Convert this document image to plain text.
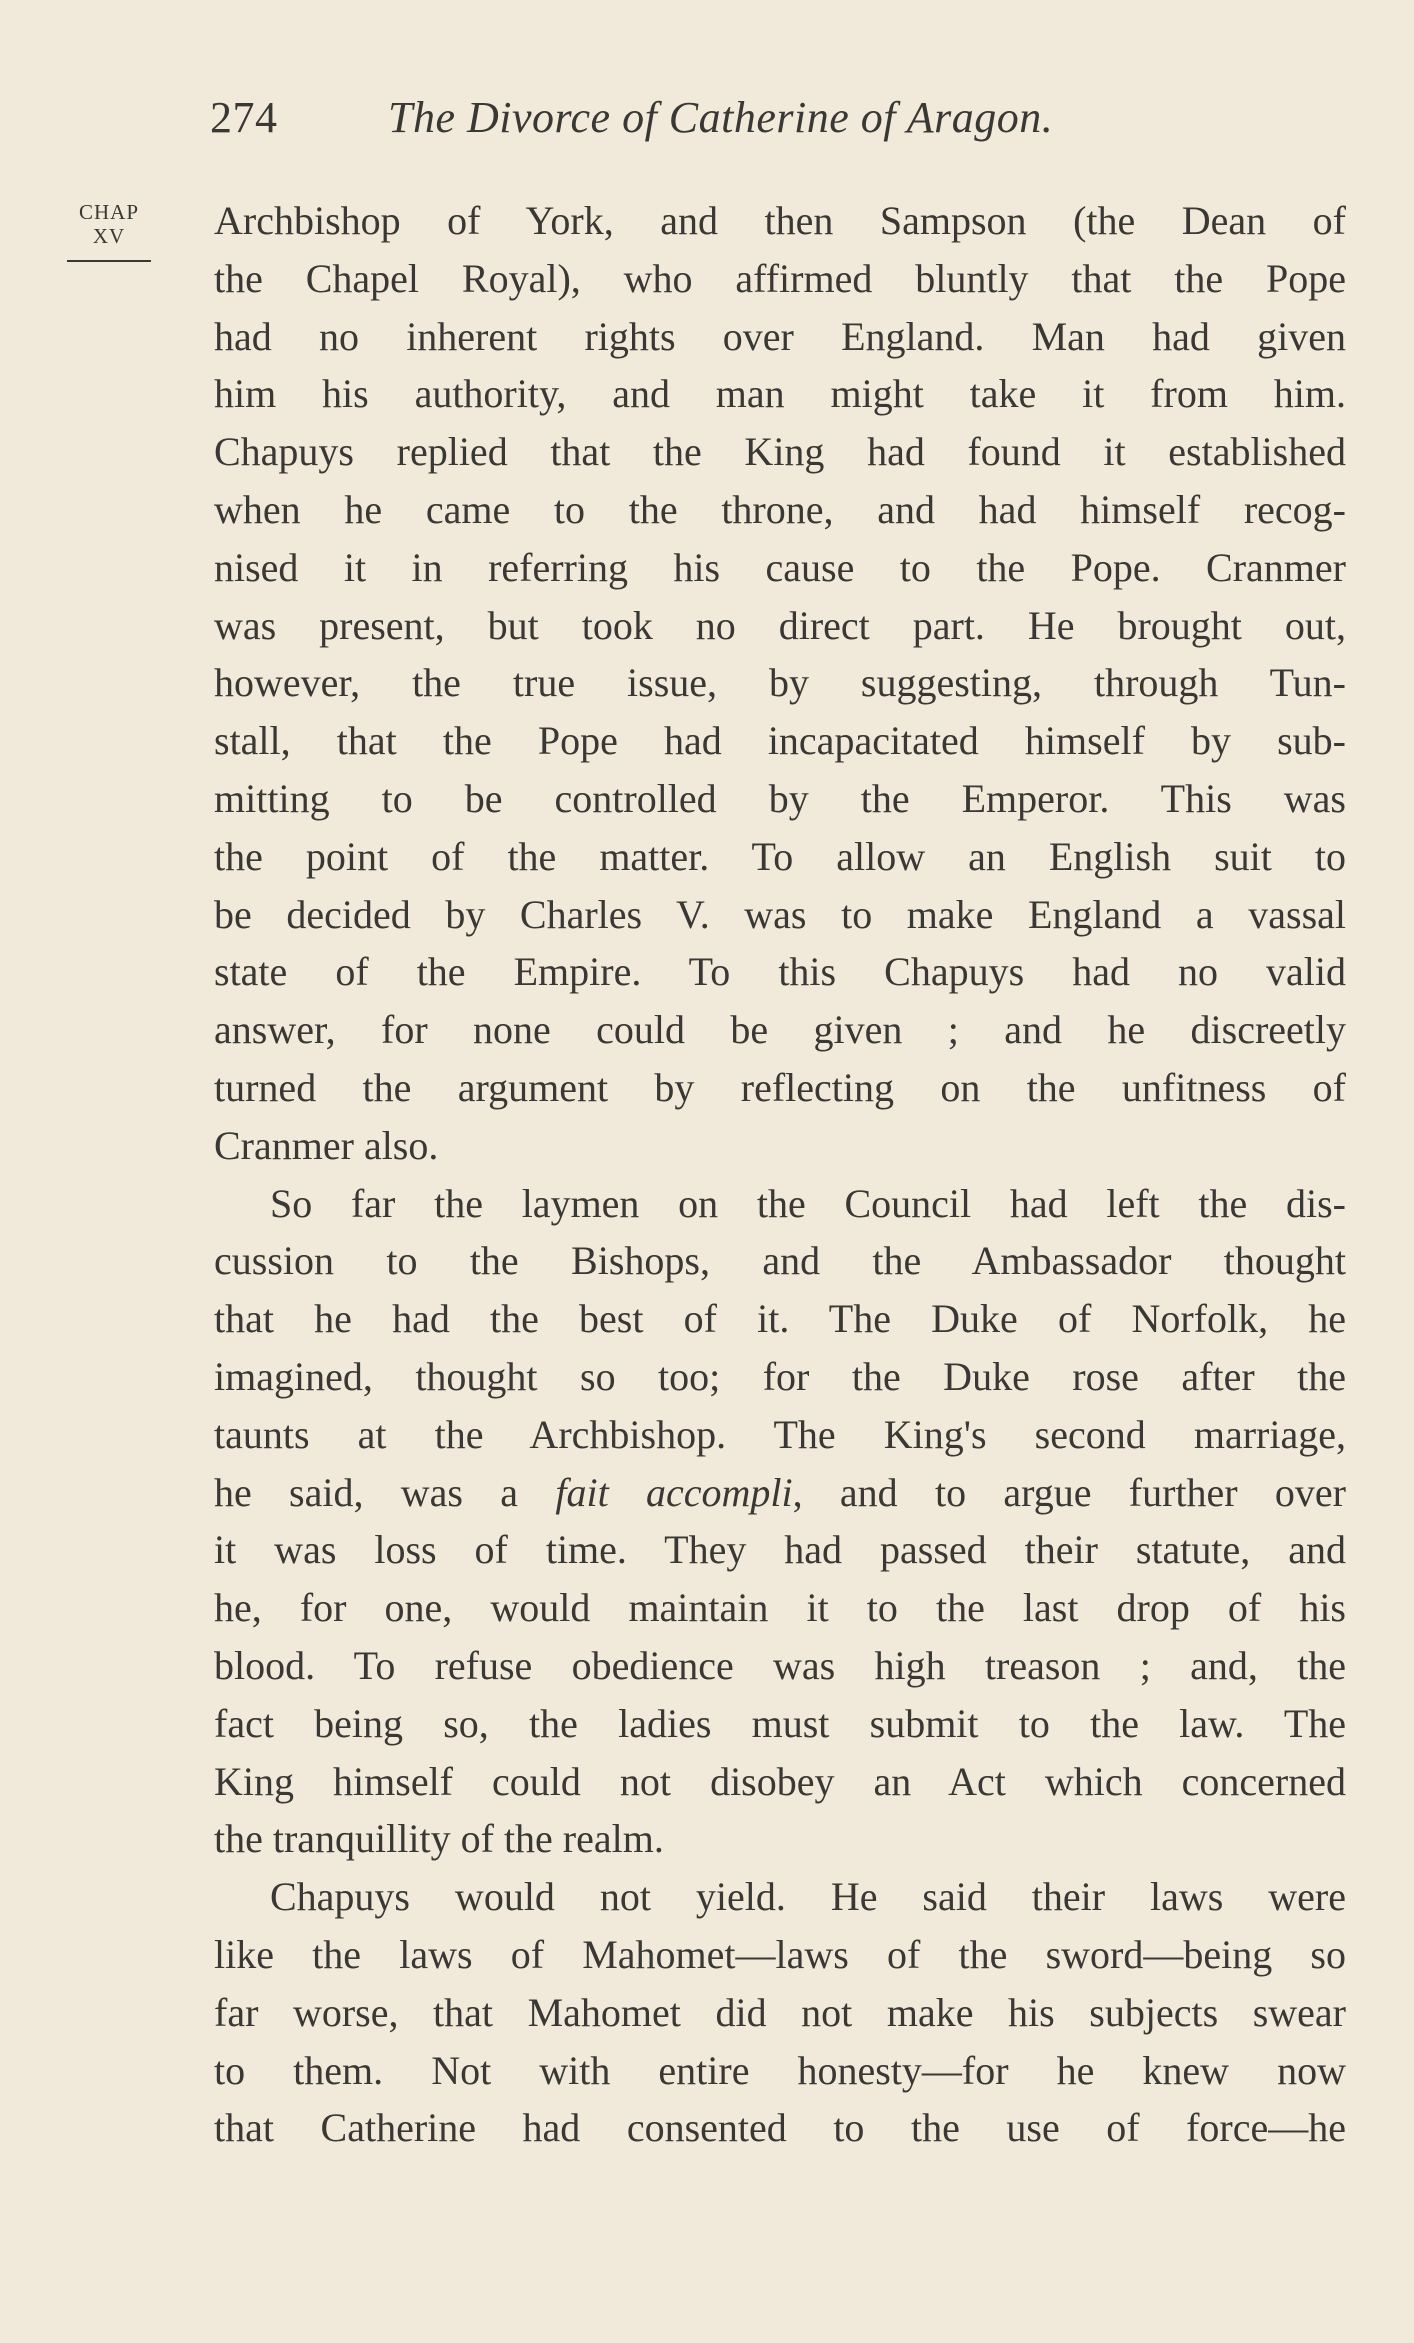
274	The Divorce of Catherine of Aragon.
CHAP
XV	Archbishop of York, and then Sampson (the Dean of
the Chapel Royal), who affirmed bluntly that the Pope
had no inherent rights over England. Man had given
him his authority, and man might take it from him.
Chapuys replied that the King had found it established
when he came to the throne, and had himself recog-
nised it in referring his cause to the Pope. Cranmer
was present, but took no direct part. He brought out,
however, the true issue, by suggesting, through Tun-
stall, that the Pope had incapacitated himself by sub-
mitting to be controlled by the Emperor. This was
the point of the matter. To allow an English suit to
be decided by Charles V. was to make England a vassal
state of the Empire. To this Chapuys had no valid
answer, for none could be given ; and he discreetly
turned the argument by reflecting on the unfitness of
Cranmer also.
So far the laymen on the Council had left the dis-
cussion to the Bishops, and the Ambassador thought
that he had the best of it. The Duke of Norfolk, he
imagined, thought so too; for the Duke rose after the
taunts at the Archbishop. The King's second marriage,
he said, was a fait accompli, and to argue further over
it was loss of time. They had passed their statute, and
he, for one, would maintain it to the last drop of his
blood. To refuse obedience was high treason ; and, the
fact being so, the ladies must submit to the law. The
King himself could not disobey an Act which concerned
the tranquillity of the realm.
Chapuys would not yield. He said their laws were
like the laws of Mahomet—laws of the sword—being so
far worse, that Mahomet did not make his subjects swear
to them. Not with entire honesty—for he knew now
that Catherine had consented to the use of force—he
